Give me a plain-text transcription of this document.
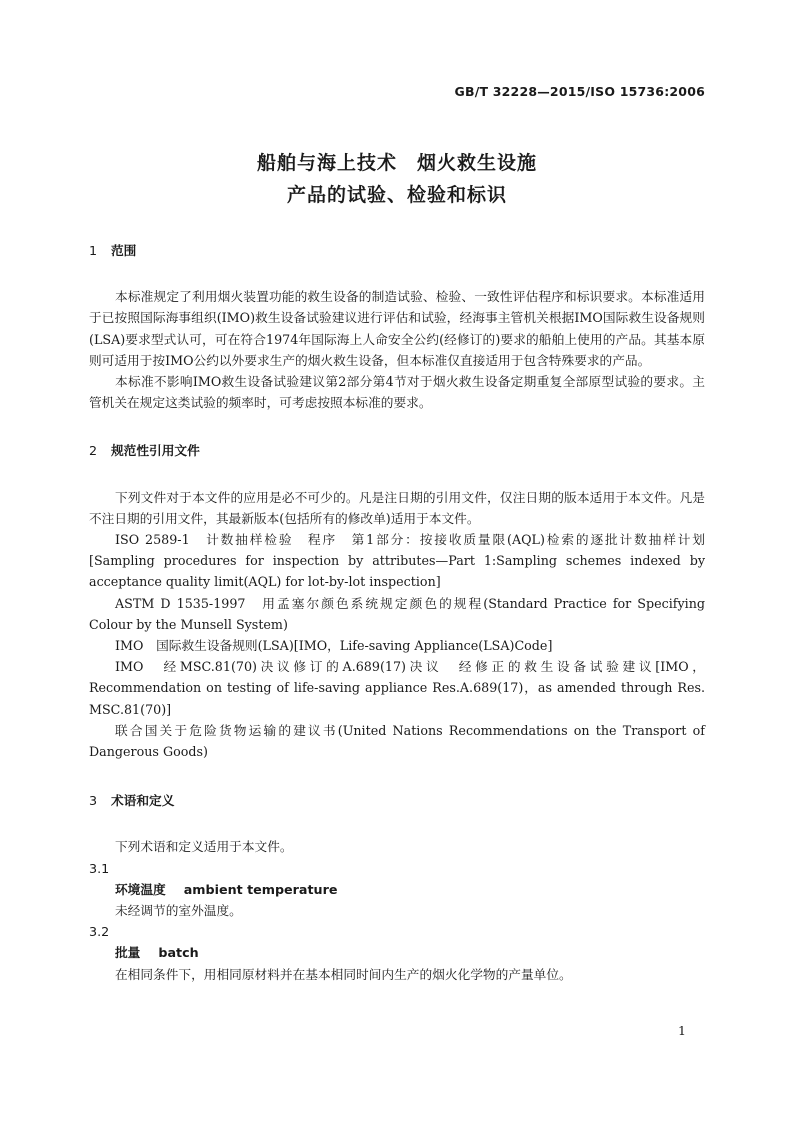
GB/T 32228—2015/ISO 15736:2006
船舶与海上技术　烟火救生设施
产品的试验、检验和标识
1 范围

本标准规定了利用烟火装置功能的救生设备的制造试验、检验、一致性评估程序和标识要求。本标准适用于已按照国际海事组织(IMO)救生设备试验建议进行评估和试验，经海事主管机关根据IMO国际救生设备规则(LSA)要求型式认可，可在符合1974年国际海上人命安全公约(经修订的)要求的船舶上使用的产品。其基本原则可适用于按IMO公约以外要求生产的烟火救生设备，但本标准仅直接适用于包含特殊要求的产品。

本标准不影响IMO救生设备试验建议第2部分第4节对于烟火救生设备定期重复全部原型试验的要求。主管机关在规定这类试验的频率时，可考虑按照本标准的要求。

2 规范性引用文件

下列文件对于本文件的应用是必不可少的。凡是注日期的引用文件，仅注日期的版本适用于本文件。凡是不注日期的引用文件，其最新版本(包括所有的修改单)适用于本文件。

ISO 2589-1　计数抽样检验　程序　第1部分：按接收质量限(AQL)检索的逐批计数抽样计划[Sampling procedures for inspection by attributes—Part 1:Sampling schemes indexed by acceptance quality limit(AQL) for lot-by-lot inspection]

ASTM D 1535-1997　用孟塞尔颜色系统规定颜色的规程(Standard Practice for Specifying Colour by the Munsell System)

IMO　国际救生设备规则(LSA)[IMO，Life-saving Appliance(LSA)Code]

IMO　经MSC.81(70)决议修订的A.689(17)决议　经修正的救生设备试验建议[IMO，Recommendation on testing of life-saving appliance Res.A.689(17)，as amended through Res. MSC.81(70)]

联合国关于危险货物运输的建议书(United Nations Recommendations on the Transport of Dangerous Goods)

3 术语和定义

下列术语和定义适用于本文件。

3.1

环境温度 ambient temperature

未经调节的室外温度。

3.2

批量 batch

在相同条件下，用相同原材料并在基本相同时间内生产的烟火化学物的产量单位。

1
